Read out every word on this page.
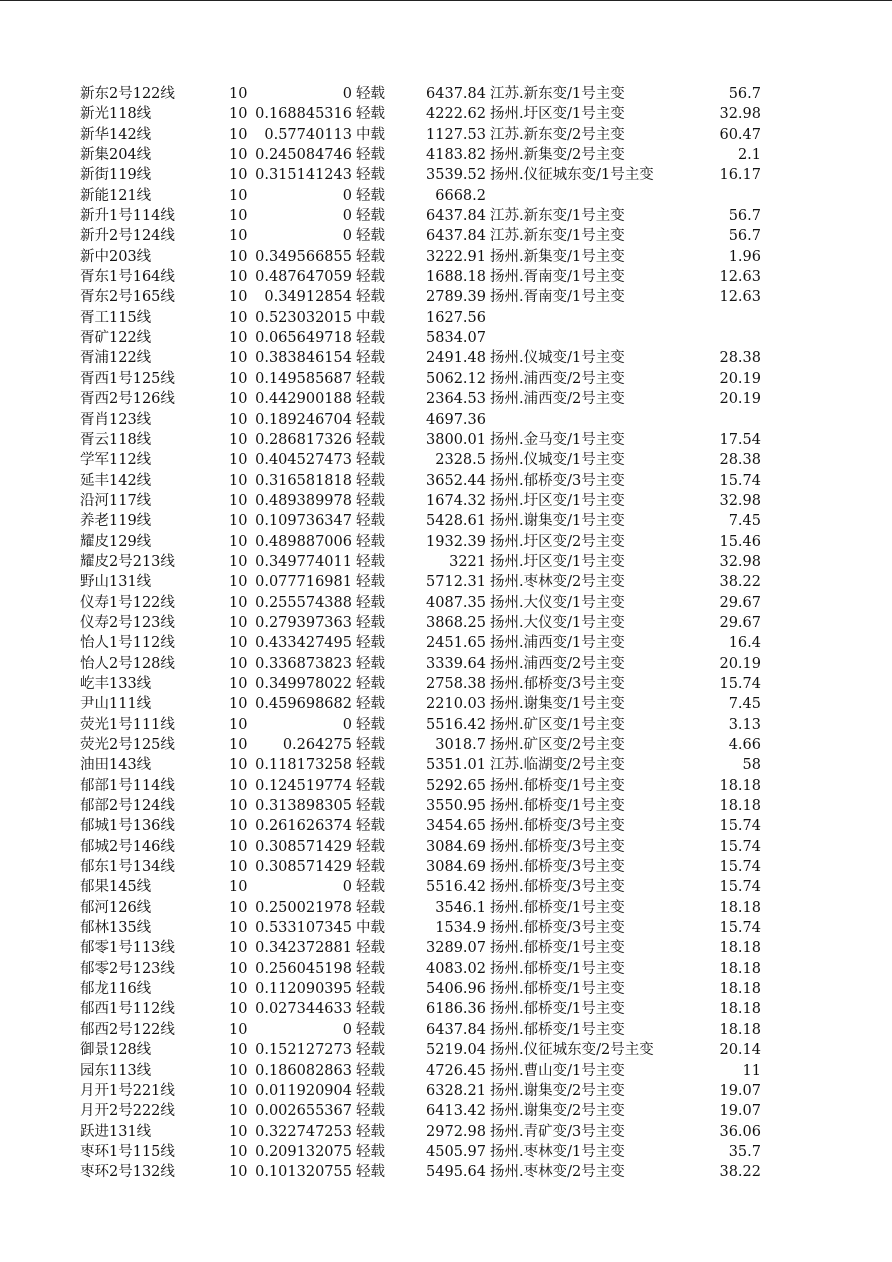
新东2号122线	10	0 轻载	6437.84 江苏.新东变/1号主变	56.7
新光118线	10 0.168845316 轻载	4222.62 扬州.圩区变/1号主变	32.98
新华142线	10	0.57740113 中载	1127.53 江苏.新东变/2号主变	60.47
新集204线	10 0.245084746 轻载	4183.82 扬州.新集变/2号主变	2.1
新街119线	10 0.315141243 轻载	3539.52 扬州.仪征城东变/1号主变	16.17
新能121线	10	0 轻载	6668.2
新升1号114线	10	0 轻载	6437.84 江苏.新东变/1号主变	56.7
新升2号124线	10	0 轻载	6437.84 江苏.新东变/1号主变	56.7
新中203线	10 0.349566855 轻载	3222.91 扬州.新集变/1号主变	1.96
胥东1号164线	10 0.487647059 轻载	1688.18 扬州.胥南变/1号主变	12.63
胥东2号165线	10	0.34912854 轻载	2789.39 扬州.胥南变/1号主变	12.63
胥工115线	10 0.523032015 中载	1627.56
胥矿122线	10 0.065649718 轻载	5834.07
胥浦122线	10 0.383846154 轻载	2491.48 扬州.仪城变/1号主变	28.38
胥西1号125线	10 0.149585687 轻载	5062.12 扬州.浦西变/2号主变	20.19
胥西2号126线	10 0.442900188 轻载	2364.53 扬州.浦西变/2号主变	20.19
胥肖123线	10 0.189246704 轻载	4697.36
胥云118线	10 0.286817326 轻载	3800.01 扬州.金马变/1号主变	17.54
学军112线	10 0.404527473 轻载	2328.5 扬州.仪城变/1号主变	28.38
延丰142线	10 0.316581818 轻载	3652.44 扬州.郁桥变/3号主变	15.74
沿河117线	10 0.489389978 轻载	1674.32 扬州.圩区变/1号主变	32.98
养老119线	10 0.109736347 轻载	5428.61 扬州.谢集变/1号主变	7.45
耀皮129线	10 0.489887006 轻载	1932.39 扬州.圩区变/2号主变	15.46
耀皮2号213线	10 0.349774011 轻载	3221 扬州.圩区变/1号主变	32.98
野山131线	10 0.077716981 轻载	5712.31 扬州.枣林变/2号主变	38.22
仪寿1号122线	10 0.255574388 轻载	4087.35 扬州.大仪变/1号主变	29.67
仪寿2号123线	10 0.279397363 轻载	3868.25 扬州.大仪变/1号主变	29.67
怡人1号112线	10 0.433427495 轻载	2451.65 扬州.浦西变/1号主变	16.4
怡人2号128线	10 0.336873823 轻载	3339.64 扬州.浦西变/2号主变	20.19
屹丰133线	10 0.349978022 轻载	2758.38 扬州.郁桥变/3号主变	15.74
尹山111线	10 0.459698682 轻载	2210.03 扬州.谢集变/1号主变	7.45
荧光1号111线	10	0 轻载	5516.42 扬州.矿区变/1号主变	3.13
荧光2号125线	10	0.264275 轻载	3018.7 扬州.矿区变/2号主变	4.66
油田143线	10 0.118173258 轻载	5351.01 江苏.临湖变/2号主变	58
郁部1号114线	10 0.124519774 轻载	5292.65 扬州.郁桥变/1号主变	18.18
郁部2号124线	10 0.313898305 轻载	3550.95 扬州.郁桥变/1号主变	18.18
郁城1号136线	10 0.261626374 轻载	3454.65 扬州.郁桥变/3号主变	15.74
郁城2号146线	10 0.308571429 轻载	3084.69 扬州.郁桥变/3号主变	15.74
郁东1号134线	10 0.308571429 轻载	3084.69 扬州.郁桥变/3号主变	15.74
郁果145线	10	0 轻载	5516.42 扬州.郁桥变/3号主变	15.74
郁河126线	10 0.250021978 轻载	3546.1 扬州.郁桥变/1号主变	18.18
郁林135线	10 0.533107345 中载	1534.9 扬州.郁桥变/3号主变	15.74
郁零1号113线	10 0.342372881 轻载	3289.07 扬州.郁桥变/1号主变	18.18
郁零2号123线	10 0.256045198 轻载	4083.02 扬州.郁桥变/1号主变	18.18
郁龙116线	10 0.112090395 轻载	5406.96 扬州.郁桥变/1号主变	18.18
郁西1号112线	10 0.027344633 轻载	6186.36 扬州.郁桥变/1号主变	18.18
郁西2号122线	10	0 轻载	6437.84 扬州.郁桥变/1号主变	18.18
御景128线	10 0.152127273 轻载	5219.04 扬州.仪征城东变/2号主变	20.14
园东113线	10 0.186082863 轻载	4726.45 扬州.曹山变/1号主变	11
月开1号221线	10 0.011920904 轻载	6328.21 扬州.谢集变/2号主变	19.07
月开2号222线	10 0.002655367 轻载	6413.42 扬州.谢集变/2号主变	19.07
跃进131线	10 0.322747253 轻载	2972.98 扬州.青矿变/3号主变	36.06
枣环1号115线	10 0.209132075 轻载	4505.97 扬州.枣林变/1号主变	35.7
枣环2号132线	10 0.101320755 轻载	5495.64 扬州.枣林变/2号主变	38.22
